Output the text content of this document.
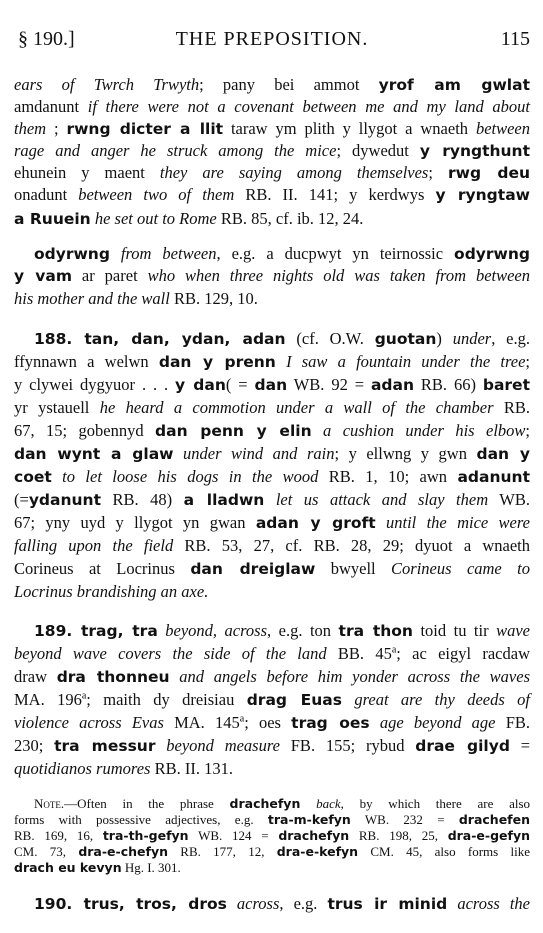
§ 190.]	THE PREPOSITION.	115
ears of Twrch Trwyth; pany bei ammot yrof am gwlat
amdanunt if there were not a covenant between me and my land about
them ; rwng dicter a llit taraw ym plith y llygot a wnaeth between
rage and anger he struck among the mice; dywedut y ryngthunt
ehunein y maent they are saying among themselves; rwg deu
onadunt between two of them RB. II. 141; y kerdwys y ryngtaw
a Ruuein he set out to Rome RB. 85, cf. ib. 12, 24.
odyrwng from between, e.g. a ducpwyt yn teirnossic odyrwng
y vam ar paret who when three nights old was taken from between
his mother and the wall RB. 129, 10.
188. tan, dan, ydan, adan (cf. O.W. guotan) under, e.g.
ffynnawn a welwn dan y prenn I saw a fountain under the tree;
y clywei dygyuor . . . y dan( = dan WB. 92 = adan RB. 66) baret
yr ystauell he heard a commotion under a wall of the chamber RB.
67, 15; gobennyd dan penn y elin a cushion under his elbow;
dan wynt a glaw under wind and rain; y ellwng y gwn dan y
coet to let loose his dogs in the wood RB. 1, 10; awn adanunt
(=ydanunt RB. 48) a lladwn let us attack and slay them WB.
67; yny uyd y llygot yn gwan adan y groft until the mice were
falling upon the field RB. 53, 27, cf. RB. 28, 29; dyuot a wnaeth
Corineus at Locrinus dan dreiglaw bwyell Corineus came to
Locrinus brandishing an axe.
189. trag, tra beyond, across, e.g. ton tra thon toid tu tir wave
beyond wave covers the side of the land BB. 45$^a$; ac eigyl racdaw
draw dra thonneu and angels before him yonder across the waves
MA. 196$^a$; maith dy dreisiau drag Euas great are thy deeds of
violence across Evas MA. 145$^a$; oes trag oes age beyond age FB.
230; tra messur beyond measure FB. 155; rybud drae gilyd =
quotidianos rumores RB. II. 131.
Note.—Often in the phrase drachefyn back, by which there are also
forms with possessive adjectives, e.g. tra-m-kefyn WB. 232 = drachefen
RB. 169, 16, tra-th-gefyn WB. 124 = drachefyn RB. 198, 25, dra-e-gefyn
CM. 73, dra-e-chefyn RB. 177, 12, dra-e-kefyn CM. 45, also forms like
drach eu kevyn Hg. I. 301.
190. trus, tros, dros across, e.g. trus ir minid across the
